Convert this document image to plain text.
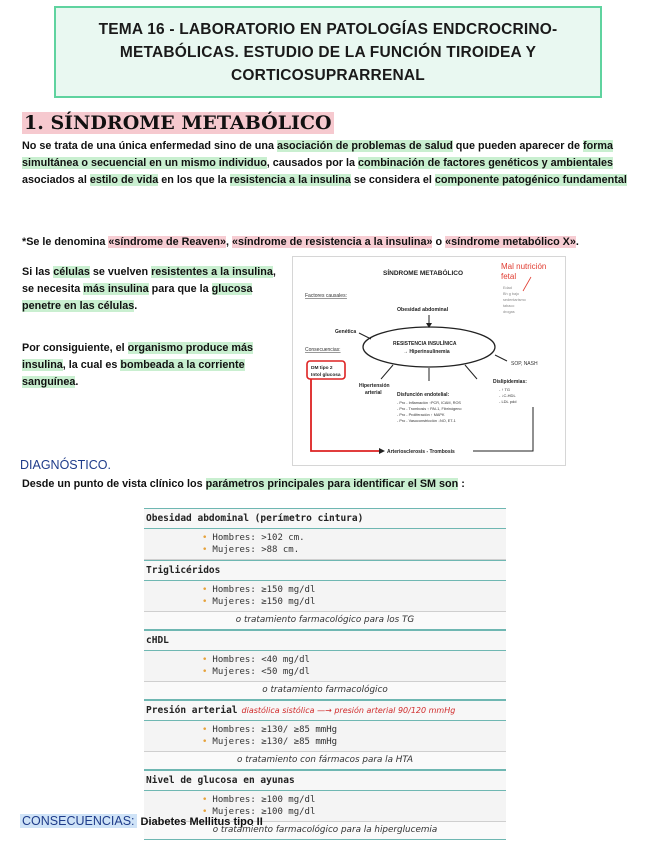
TEMA 16 - LABORATORIO EN PATOLOGÍAS ENDCROCRINO-
METABÓLICAS. ESTUDIO DE LA FUNCIÓN TIROIDEA Y
CORTICOSUPRARRENAL
1. SÍNDROME METABÓLICO
No se trata de una única enfermedad sino de una asociación de problemas de salud que pueden aparecer de forma simultánea o secuencial en un mismo individuo, causados por la combinación de factores genéticos y ambientales asociados al estilo de vida en los que la resistencia a la insulina se considera el componente patogénico fundamental
*Se le denomina «síndrome de Reaven», «síndrome de resistencia a la insulina» o «síndrome metabólico X».
Si las células se vuelven resistentes a la insulina, se necesita más insulina para que la glucosa penetre en las células.
Por consiguiente, el organismo produce más insulina, la cual es bombeada a la corriente sanguínea.
SÍNDROME METABÓLICO
Factores causales:
Obesidad abdominal
Genética
Consecuencias:
RESISTENCIA INSULÍNICA
→ Hiperinsulinemia
DM tipo 2
Intol glucosa
Hipertensión
arterial	Disfunción endotelial:
- Pro - Inflamación ↑PCR, ICAM, ROS
- Pro - Trombosis ↑ PAI-1, Fibrinógeno
- Pro - Proliferación ↑ MAPK
- Pro - Vasoconstricción ↓NO, ET-1
SOP, NASH
Dislipidemias:
- ↑ TG
- ↓C-HDL
- LDL pdd
Arteriosclerosis - Trombosis
Mal nutrición
fetal
Edad
Bh g bajo
sedentarismo
tabaco
drogas
DIAGNÓSTICO.
Desde un punto de vista clínico los parámetros principales para identificar el SM son :
Obesidad abdominal (perímetro cintura)
• Hombres: >102 cm.
• Mujeres: >88 cm.
Triglicéridos
• Hombres: ≥150 mg/dl
• Mujeres: ≥150 mg/dl
o tratamiento farmacológico para los TG
cHDL
• Hombres: <40 mg/dl
• Mujeres: <50 mg/dl
o tratamiento farmacológico
Presión arterial diastólica sistólica —→ presión arterial 90/120 mmHg
• Hombres: ≥130/ ≥85 mmHg
• Mujeres: ≥130/ ≥85 mmHg
o tratamiento con fármacos para la HTA
Nivel de glucosa en ayunas
• Hombres: ≥100 mg/dl
• Mujeres: ≥100 mg/dl
o tratamiento farmacológico para la hiperglucemia
CONSECUENCIAS: Diabetes Mellitus tipo II
